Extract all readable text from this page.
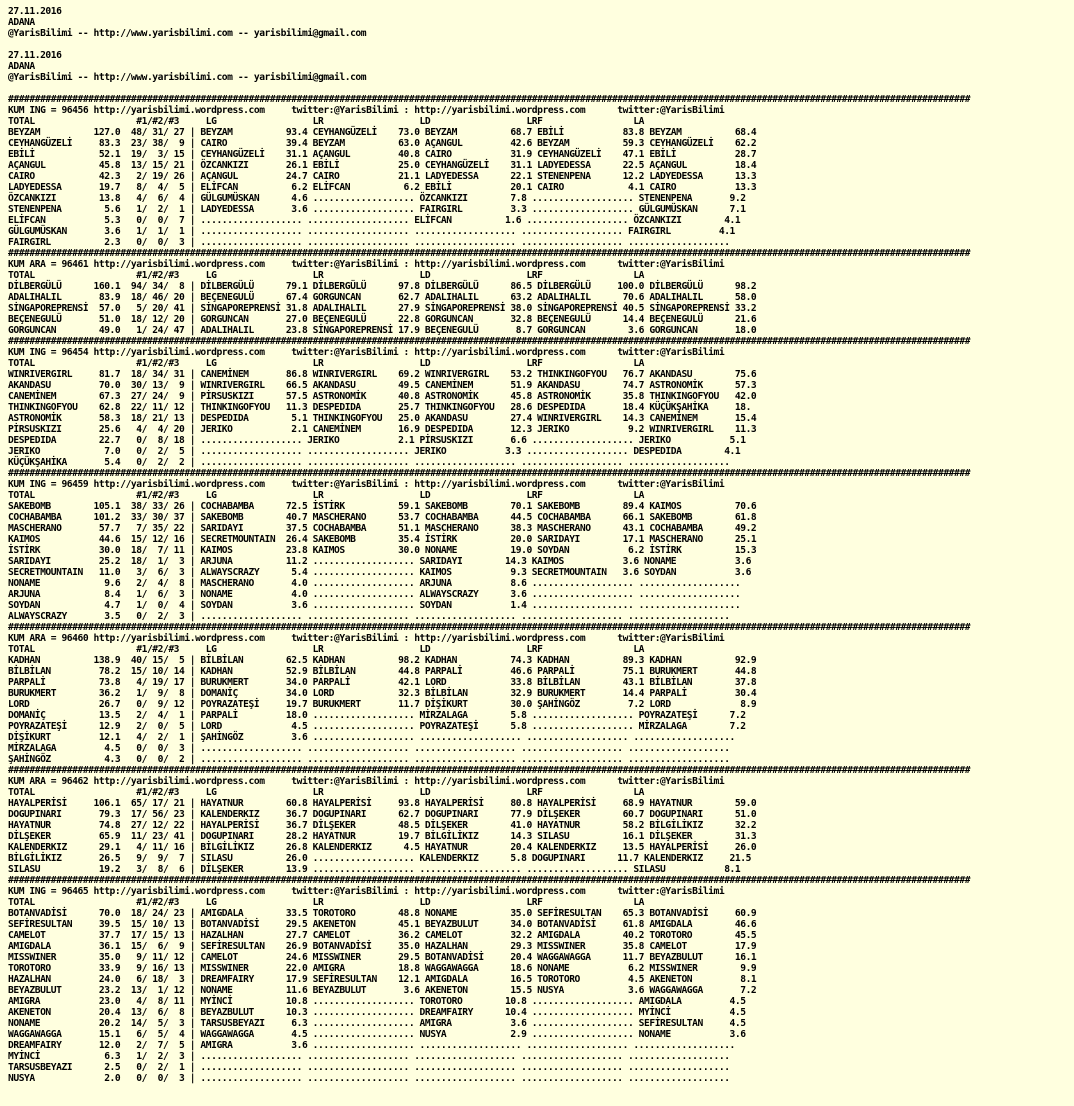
27.11.2016
ADANA
@YarisBilimi -- http://www.yarisbilimi.com -- yarisbilimi@gmail.com

27.11.2016
ADANA
@YarisBilimi -- http://www.yarisbilimi.com -- yarisbilimi@gmail.com

####################################################################################################################################################################################
KUM ING = 96456 http://yarisbilimi.wordpress.com     twitter:@YarisBilimi : http://yarisbilimi.wordpress.com      twitter:@YarisBilimi
TOTAL                   #1/#2/#3     LG                  LR                  LD                  LRF                 LA
BEYZAM          127.0  48/ 31/ 27 | BEYZAM          93.4 CEYHANGÜZELİ    73.0 BEYZAM          68.7 EBİLİ           83.8 BEYZAM          68.4
CEYHANGÜZELİ     83.3  23/ 38/  9 | CAIRO           39.4 BEYZAM          63.0 AÇANGUL         42.6 BEYZAM          59.3 CEYHANGÜZELİ    62.2
EBİLİ            52.1  19/  3/ 15 | CEYHANGÜZELİ    31.1 AÇANGUL         40.8 CAIRO           31.9 CEYHANGÜZELİ    47.1 EBİLİ           28.7
AÇANGUL          45.8  13/ 15/ 21 | ÖZCANKIZI       26.1 EBİLİ           25.0 CEYHANGÜZELİ    31.1 LADYEDESSA      22.5 AÇANGUL         18.4
CAIRO            42.3   2/ 19/ 26 | AÇANGUL         24.7 CAIRO           21.1 LADYEDESSA      22.1 STENENPENA      12.2 LADYEDESSA      13.3
LADYEDESSA       19.7   8/  4/  5 | ELİFCAN          6.2 ELİFCAN          6.2 EBİLİ           20.1 CAIRO            4.1 CAIRO           13.3
ÖZCANKIZI        13.8   4/  6/  4 | GÜLGUMÜSKAN      4.6 ................... ÖZCANKIZI        7.8 ................... STENENPENA       9.2
STENENPENA        5.6   1/  2/  1 | LADYEDESSA       3.6 ................... FAIRGIRL         3.3 ................... GÜLGUMÜSKAN      7.1
ELİFCAN           5.3   0/  0/  7 | ................... ................... ELİFCAN          1.6 ................... ÖZCANKIZI        4.1
GÜLGUMÜSKAN       3.6   1/  1/  1 | ................... ................... ................... ................... FAIRGIRL         4.1
FAIRGIRL          2.3   0/  0/  3 | ................... ................... ................... ................... ...................
####################################################################################################################################################################################
KUM ARA = 96461 http://yarisbilimi.wordpress.com     twitter:@YarisBilimi : http://yarisbilimi.wordpress.com      twitter:@YarisBilimi
TOTAL                   #1/#2/#3     LG                  LR                  LD                  LRF                 LA
DİLBERGÜLÜ      160.1  94/ 34/  8 | DİLBERGÜLÜ      79.1 DİLBERGÜLÜ      97.8 DİLBERGÜLÜ      86.5 DİLBERGÜLÜ     100.0 DİLBERGÜLÜ      98.2
ADALIHALIL       83.9  18/ 46/ 20 | BEÇENEGULÜ      67.4 GORGUNCAN       62.7 ADALIHALIL      63.2 ADALIHALIL      70.6 ADALIHALIL      58.0
SİNGAPOREPRENSİ  57.0   5/ 20/ 41 | SİNGAPOREPRENSİ 31.8 ADALIHALIL      27.9 SİNGAPOREPRENSİ 38.0 SİNGAPOREPRENSİ 40.5 SİNGAPOREPRENSİ 33.2
BEÇENEGULÜ       51.0  18/ 12/ 20 | GORGUNCAN       27.0 BEÇENEGULÜ      22.8 GORGUNCAN       32.8 BEÇENEGULÜ      14.4 BEÇENEGULÜ      21.6
GORGUNCAN        49.0   1/ 24/ 47 | ADALIHALIL      23.8 SİNGAPOREPRENSİ 17.9 BEÇENEGULÜ       8.7 GORGUNCAN        3.6 GORGUNCAN       18.0
####################################################################################################################################################################################
KUM ING = 96454 http://yarisbilimi.wordpress.com     twitter:@YarisBilimi : http://yarisbilimi.wordpress.com      twitter:@YarisBilimi
TOTAL                   #1/#2/#3     LG                  LR                  LD                  LRF                 LA
WINRIVERGIRL     81.7  18/ 34/ 31 | CANEMİNEM       86.8 WINRIVERGIRL    69.2 WINRIVERGIRL    53.2 THINKINGOFYOU   76.7 AKANDASU        75.6
AKANDASU         70.0  30/ 13/  9 | WINRIVERGIRL    66.5 AKANDASU        49.5 CANEMİNEM       51.9 AKANDASU        74.7 ASTRONOMİK      57.3
CANEMİNEM        67.3  27/ 24/  9 | PİRSUSKIZI      57.5 ASTRONOMİK      40.8 ASTRONOMİK      45.8 ASTRONOMİK      35.8 THINKINGOFYOU   42.0
THINKINGOFYOU    62.8  22/ 11/ 12 | THINKINGOFYOU   11.3 DESPEDIDA       25.7 THINKINGOFYOU   28.6 DESPEDIDA       18.4 KÜÇÜKŞAHİKA     18.
ASTRONOMİK       58.3  18/ 21/ 13 | DESPEDIDA        5.1 THINKINGOFYOU   25.0 AKANDASU        27.4 WINRIVERGIRL    14.3 CANEMİNEM       15.4
PİRSUSKIZI       25.6   4/  4/ 20 | JERIKO           2.1 CANEMİNEM       16.9 DESPEDIDA       12.3 JERIKO           9.2 WINRIVERGIRL    11.3
DESPEDIDA        22.7   0/  8/ 18 | ................... JERIKO           2.1 PİRSUSKIZI       6.6 ................... JERIKO           5.1
JERIKO            7.0   0/  2/  5 | ................... ................... JERIKO           3.3 ................... DESPEDIDA        4.1
KÜÇÜKŞAHİKA       5.4   0/  2/  2 | ................... ................... ................... ................... ...................
####################################################################################################################################################################################
KUM ING = 96459 http://yarisbilimi.wordpress.com     twitter:@YarisBilimi : http://yarisbilimi.wordpress.com      twitter:@YarisBilimi
TOTAL                   #1/#2/#3     LG                  LR                  LD                  LRF                 LA
SAKEBOMB        105.1  38/ 33/ 26 | COCHABAMBA      72.5 İSTİRK          59.1 SAKEBOMB        70.1 SAKEBOMB        89.4 KAIMOS          70.6
COCHABAMBA      101.2  33/ 30/ 37 | SAKEBOMB        40.7 MASCHERANO      53.7 COCHABAMBA      44.5 COCHABAMBA      66.1 SAKEBOMB        61.8
MASCHERANO       57.7   7/ 35/ 22 | SARIDAYI        37.5 COCHABAMBA      51.1 MASCHERANO      38.3 MASCHERANO      43.1 COCHABAMBA      49.2
KAIMOS           44.6  15/ 12/ 16 | SECRETMOUNTAIN  26.4 SAKEBOMB        35.4 İSTİRK          20.0 SARIDAYI        17.1 MASCHERANO      25.1
İSTİRK           30.0  18/  7/ 11 | KAIMOS          23.8 KAIMOS          30.0 NONAME          19.0 SOYDAN           6.2 İSTİRK          15.3
SARIDAYI         25.2  18/  1/  3 | ARJUNA          11.2 ................... SARIDAYI        14.3 KAIMOS           3.6 NONAME           3.6
SECRETMOUNTAIN   11.0   3/  6/  3 | ALWAYSCRAZY      5.4 ................... KAIMOS           9.3 SECRETMOUNTAIN   3.6 SOYDAN           3.6
NONAME            9.6   2/  4/  8 | MASCHERANO       4.0 ................... ARJUNA           8.6 ................... ...................
ARJUNA            8.4   1/  6/  3 | NONAME           4.0 ................... ALWAYSCRAZY      3.6 ................... ...................
SOYDAN            4.7   1/  0/  4 | SOYDAN           3.6 ................... SOYDAN           1.4 ................... ...................
ALWAYSCRAZY       3.5   0/  2/  3 | ................... ................... ................... ................... ...................
####################################################################################################################################################################################
KUM ARA = 96460 http://yarisbilimi.wordpress.com     twitter:@YarisBilimi : http://yarisbilimi.wordpress.com      twitter:@YarisBilimi
TOTAL                   #1/#2/#3     LG                  LR                  LD                  LRF                 LA
KADHAN          138.9  40/ 15/  5 | BİLBİLAN        62.5 KADHAN          98.2 KADHAN          74.3 KADHAN          89.3 KADHAN          92.9
BİLBİLAN         78.2  15/ 10/ 14 | KADHAN          52.9 BİLBİLAN        44.8 PARPALİ         46.6 PARPALİ         75.1 BURUKMERT       44.8
PARPALİ          73.8   4/ 19/ 17 | BURUKMERT       34.0 PARPALİ         42.1 LORD            33.8 BİLBİLAN        43.1 BİLBİLAN        37.8
BURUKMERT        36.2   1/  9/  8 | DOMANİÇ         34.0 LORD            32.3 BİLBİLAN        32.9 BURUKMERT       14.4 PARPALİ         30.4
LORD             26.7   0/  9/ 12 | POYRAZATEŞİ     19.7 BURUKMERT       11.7 DİŞİKURT        30.0 ŞAHİNGÖZ         7.2 LORD             8.9
DOMANİÇ          13.5   2/  4/  1 | PARPALİ         18.0 ................... MİRZALAGA        5.8 ................... POYRAZATEŞİ      7.2
POYRAZATEŞİ      12.9   2/  0/  5 | LORD             4.5 ................... POYRAZATEŞİ      5.8 ................... MİRZALAGA        7.2
DİŞİKURT         12.1   4/  2/  1 | ŞAHİNGÖZ         3.6 ................... ................... ................... ...................
MİRZALAGA         4.5   0/  0/  3 | ................... ................... ................... ................... ...................
ŞAHİNGÖZ          4.3   0/  0/  2 | ................... ................... ................... ................... ...................
####################################################################################################################################################################################
KUM ARA = 96462 http://yarisbilimi.wordpress.com     twitter:@YarisBilimi : http://yarisbilimi.wordpress.com      twitter:@YarisBilimi
TOTAL                   #1/#2/#3     LG                  LR                  LD                  LRF                 LA
HAYALPERİSİ     106.1  65/ 17/ 21 | HAYATNUR        60.8 HAYALPERİSİ     93.8 HAYALPERİSİ     80.8 HAYALPERİSİ     68.9 HAYATNUR        59.0
DOGUPINARI       79.3  17/ 56/ 23 | KALENDERKIZ     36.7 DOGUPINARI      62.7 DOGUPINARI      77.9 DİLŞEKER        60.7 DOGUPINARI      51.0
HAYATNUR         74.8  27/ 12/ 22 | HAYALPERİSİ     36.7 DİLŞEKER        48.5 DİLŞEKER        41.0 HAYATNUR        58.2 BİLGİLİKIZ      32.2
DİLŞEKER         65.9  11/ 23/ 41 | DOGUPINARI      28.2 HAYATNUR        19.7 BİLGİLİKIZ      14.3 SILASU          16.1 DİLŞEKER        31.3
KALENDERKIZ      29.1   4/ 11/ 16 | BİLGİLİKIZ      26.8 KALENDERKIZ      4.5 HAYATNUR        20.4 KALENDERKIZ     13.5 HAYALPERİSİ     26.0
BİLGİLİKIZ       26.5   9/  9/  7 | SILASU          26.0 ................... KALENDERKIZ      5.8 DOGUPINARI      11.7 KALENDERKIZ     21.5
SILASU           19.2   3/  8/  6 | DİLŞEKER        13.9 ................... ................... ................... SILASU           8.1
####################################################################################################################################################################################
KUM ING = 96465 http://yarisbilimi.wordpress.com     twitter:@YarisBilimi : http://yarisbilimi.wordpress.com      twitter:@YarisBilimi
TOTAL                   #1/#2/#3     LG                  LR                  LD                  LRF                 LA
BOTANVADİSİ      70.0  18/ 24/ 23 | AMIGDALA        33.5 TOROTORO        48.8 NONAME          35.0 SEFİRESULTAN    65.3 BOTANVADİSİ     60.9
SEFİRESULTAN     39.5  15/ 10/ 13 | BOTANVADİSİ     29.5 AKENETON        45.1 BEYAZBULUT      34.0 BOTANVADİSİ     61.8 AMIGDALA        46.6
CAMELOT          37.7  17/ 15/ 13 | HAZALHAN        27.7 CAMELOT         36.2 CAMELOT         32.2 AMIGDALA        40.2 TOROTORO        45.5
AMIGDALA         36.1  15/  6/  9 | SEFİRESULTAN    26.9 BOTANVADİSİ     35.0 HAZALHAN        29.3 MISSWINER       35.8 CAMELOT         17.9
MISSWINER        35.0   9/ 11/ 12 | CAMELOT         24.6 MISSWINER       29.5 BOTANVADİSİ     20.4 WAGGAWAGGA      11.7 BEYAZBULUT      16.1
TOROTORO         33.9   9/ 16/ 13 | MISSWINER       22.0 AMIGRA          18.8 WAGGAWAGGA      18.6 NONAME           6.2 MISSWINER        9.9
HAZALHAN         24.0   6/ 18/  3 | DREAMFAIRY      17.9 SEFİRESULTAN    12.1 AMIGDALA        16.5 TOROTORO         4.5 AKENETON         8.1
BEYAZBULUT       23.2  13/  1/ 12 | NONAME          11.6 BEYAZBULUT       3.6 AKENETON        15.5 NUSYA            3.6 WAGGAWAGGA       7.2
AMIGRA           23.0   4/  8/ 11 | MYİNCİ          10.8 ................... TOROTORO        10.8 ................... AMIGDALA         4.5
AKENETON         20.4  13/  6/  8 | BEYAZBULUT      10.3 ................... DREAMFAIRY      10.4 ................... MYİNCİ           4.5
NONAME           20.2  14/  5/  3 | TARSUSBEYAZI     6.3 ................... AMIGRA           3.6 ................... SEFİRESULTAN     4.5
WAGGAWAGGA       15.1   6/  5/  4 | WAGGAWAGGA       4.5 ................... NUSYA            2.9 ................... NONAME           3.6
DREAMFAIRY       12.0   2/  7/  5 | AMIGRA           3.6 ................... ................... ................... ...................
MYİNCİ            6.3   1/  2/  3 | ................... ................... ................... ................... ...................
TARSUSBEYAZI      2.5   0/  2/  1 | ................... ................... ................... ................... ...................
NUSYA             2.0   0/  0/  3 | ................... ................... ................... ................... ...................
